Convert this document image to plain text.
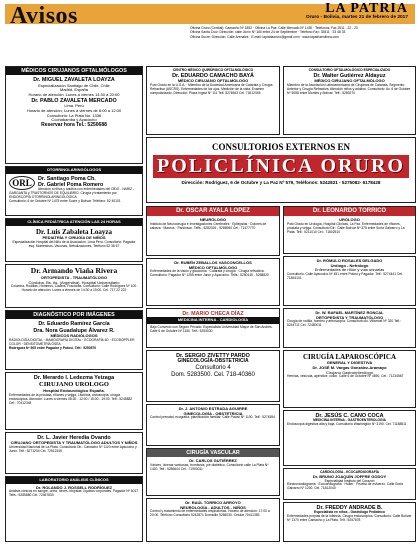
Avisos	LA PATRIA
Oruro - Bolivia, martes 21 de febrero de 2017
Oficina Oruro (Central): Camacho Nº 1892 · Oficina La Paz: Calle Mercado Nº 1430 · Teléfonos: Fax 2511 - 22 - 23
Oficina Santa Cruz: Dirección: calle Junín Nº 160 entre 24 de Septiembre · Teléfono Fax: 33511 · 33 48 33
Oficina Sucre: Dirección: Calle Arenales · E-mail: lapatriaoruro@gmail.com · www.lapatriaenlinea.com
MÉDICOS CIRUJANOS OFTALMÓLOGOS
Dr. MIGUEL ZAVALETA LOAYZA
Especialización Santiago de Chile, Chile
Madrid, España
Horario de atención: Lunes a viernes 14:30 a 20:00
Dr. PABLO ZAVALETA MERCADO
Lima, Perú
Horario de atención: Lunes a viernes de 8:00 a 12:00
Consultorio: La Plata No. 1336
Cochabamba y Ayacucho
Reservar hora Tel.: 5250688
OTORRINOLARINGÓLOGOS
ORL	Dr. Santiago Poma Ch.
Dr. Gabriel Poma Romero
Atención a niños y adultos con enfermedades del OÍDO - NARIZ - GARGANTA y TRASTORNOS DE EQUILIBRIO. Cirugía y tratamiento por ENDOSCOPIA OTORRINOLARINGOLÓGICA
Consultorio: 6 de Octubre Nº 1475 entre Sucre y Bolívar. Teléfono: 52 40101
CLÍNICA PEDIÁTRICA ATENCIÓN LAS 24 HORAS
Dr. Luis Zabaleta Loayza
PEDIATRÍA Y CIRUGÍA DE NIÑOS
Especialización Hospital del Niño de la Asociación, Lima Perú. Consultorio: Pagador esq. Montesinos, Vacunas, Nebulizaciones, Teléfono 52 38 67
Dr. Armando Viaña Rivera
ORTOPEDISTA - TRAUMATÓLOGO
Córdoba, Bs. As. (Argentina). Hospital Universitario
Columna, Rodillas, Hombros, Cadera, Fracturas. Consultorio: Calle Rodríguez Nº 100. Horario de atención: Lunes a viernes de 14:30 a 19:00. Cel. 717 22 222
DIAGNÓSTICO POR IMÁGENES
Dr. Eduardo Ramírez García
Dra. Nora Guadalupe Álvarez R.
MÉDICOS RADIÓLOGOS
RADIOLOGÍA DIGITAL · MAMOGRAFÍA DIGITAL · ECOGRAFÍA 4D · ECODOPPLER COLOR · DENSITOMETRÍA ÓSEA
Rodríguez Nº 505 entre Pagador y Potosí. Telf.: 5250570
Dr. Merardo I. Ledezma Yeizaga
CIRUJANO UROLOGO
Hospital Endourológico España.
Enfermedades de la próstata, riñones y vejiga. Litotricia, cistoscopía, cirugía endoscópica. Atención: Lunes a viernes 08:30 - 12:00 / 15:00 - 19:00. Telf.: 5245882 Cel.: 70412345
Dr. L. Javier Heredia Ovando
CIRUJANO ORTOPEDISTA Y TRAUMATÓLOGO ADULTOS Y NIÑOS
Universidad Nacional de La Plata. Consultorio Dir.: Camacho Nº 1120 entre Ayacucho y Junín. Telf.: 5271234 Cel. 72512345
LABORATORIO ANÁLISIS CLÍNICOS
Dr. ROLANDO J. ROSSELL RODRÍGUEZ
Análisis clínicos en sangre, orina, heces, biopsias, líquidos corporales. Pagador Nº 6017 Telfs.: 5285880 Cel. 72467830
CENTRO MÉDICO QUIRÚRGICO OFTALMOLÓGICO
Dr. EDUARDO CAMACHO BAYÁ
MÉDICO CIRUJANO OFTALMÓLOGO
Post Grado en la U.S.A. · Miembro de la Sociedad Americana de Catarata y Cirugía Refractiva (ASCRS). Enfermedades de los ojos. Medición de la vista. Examen computarizado. Dirección: Plaza Ingavi Nº 111 Telf. 5276543 Cel. 71812345
CONSULTORIO OFTALMOLÓGICO ESPECIALIZADO
Dr. Walter Gutiérrez Aldayuz
MÉDICO CIRUJANO OFTALMÓLOGO
Miembro de la Asociación Latinoamericana de Cirujanos de Catarata, Segmento Anterior y Cirugía Refractiva. Atención niños y adultos. Consultorio: Av. 6 de Octubre Nº 5058 entre Montes y Bolívar. Telf.: 5280270
CONSULTORIOS EXTERNOS EN
POLICLÍNICA ORURO
Dirección: Rodríguez, 6 de Octubre y La Paz Nº 579, Teléfonos: 5242821 - 5275082- 6178428
Dr. ÓSCAR AYALA LÓPEZ
NEURÓLOGO
Instituto de Neurocirugía e Investigaciones Cerebrales · Epilepsias · Dolores de cabeza · Mareos · Parkinson. Telfs.: 5282026 - 5286950 Cel.: 71477770
Dr. RUBÉN ZEBALLOS VASCONCELLOS
MÉDICO OFTALMÓLOGO
Enfermedades de la visión y glaucoma · Catarata y cirugía · Cirugía refractiva. Consultorio: Pagador Nº 1255 entre Junín y Ayacucho. Telfs.: 5250145 - 5268820
Dr. MARIO CHECA DÍAZ
MEDICINA INTERNA - CARDIOLOGÍA
Bajo Convenio con Seguro Privado. Especialista Universidad Mayor de San Andrés. Calle 6 de Octubre Nº 1150. Telf.: 5253030
Dr. SERGIO ZIVETTY PARDO
GINECOLOGÍA-OBSTETRICIA
Consultorio 4
Dom. 5283500. Cel. 718-40360
Dr. J. ANTONIO ESTRADA AGUIRRE
GINECOLOGÍA - OBSTETRICIA
Control prenatal, ecografía, planificación familiar. Calle Potosí Nº 1100. Telf.: 5274554
CIRUGÍA VASCULAR
Dr. CARLOS GUTIÉRREZ
Várices, úlceras varicosas, trombosis, pie diabético. Consultorio calle La Plata Nº 1420. Telf.: 5286644 Cel.: 71900011
Dr. RAÚL TORRICO ARROYO
NEUROLOGÍA - ADULTOS - NIÑOS
Control y tratamiento de enfermedades respiratorias. Horario de atención: 17:00 a 20:00. Teléfono Consultorio 5242871 Domicilio 5265030. Celular 70411383
Dr. LEONARDO TORRICO
URÓLOGO
Post Grado en Urología, Hospital Clínicas, La Paz. Enfermedades de riñones, próstata y vejiga. Consultorio Dir.: Calle Bolívar Nº 375 entre Soria Galvarro y La Plata. Telf.: 5211010 Cel.: 71802510
Dr. RÓMULO ROSALES DELGADO
Urólogo - Nefrólogo
Enfermedades de riñón y vías urinarias
Consultorio: Calle Ayacucho Nº 451 entre Potosí y Pagador. Telf.: 5274441 Cel. 71854101
Dr. W. RAFAEL MARTÍNEZ RONCAL
ORTOPEDISTA Y TRAUMATÓLOGO
Cirugía de rodilla, hombro y artroscopía. Consultorio Av. Villarroel Nº 320 Telf.: 5244711 Cel. 72480011
CIRUGÍA LAPAROSCÓPICA
GENERAL Y DIGESTIVA
Dr. JOSÉ M. Vargas González-Aramayo
Cirujano Gastroenterólogo
Hernias, vesícula, apéndice, colon. Calle 6 de Octubre Nº 4890. Cel.: 71234567
Dr. JESÚS C. CANO COCA
MEDICINA INTERNA - GASTROENTEROLOGÍA
Endoscopía digestiva alta y baja. Consultorio Washington Nº 3190. Cel. 71188811
CARDIOLOGÍA - ECOCARDIOGRAFÍA
Dr. BRUNO JOAQUÍN JOFFRE GODOY
Especialidad Instituto del Corazón
Electrocardiograma · Ecocardiografía · Holter · Prueba de esfuerzo. Calle Soria Galvarro Nº 1200. Cel. 71812040
Dr. FREDDY ANDRADE B.
Especialista en niños - Gastrólogo Pediátrico
Enfermedades propias de la infancia. Cirugía endoscópica. Consultorio: Calle Bolívar Nº 1370 entre Camacho y La Plata. Telf.: 5257878
